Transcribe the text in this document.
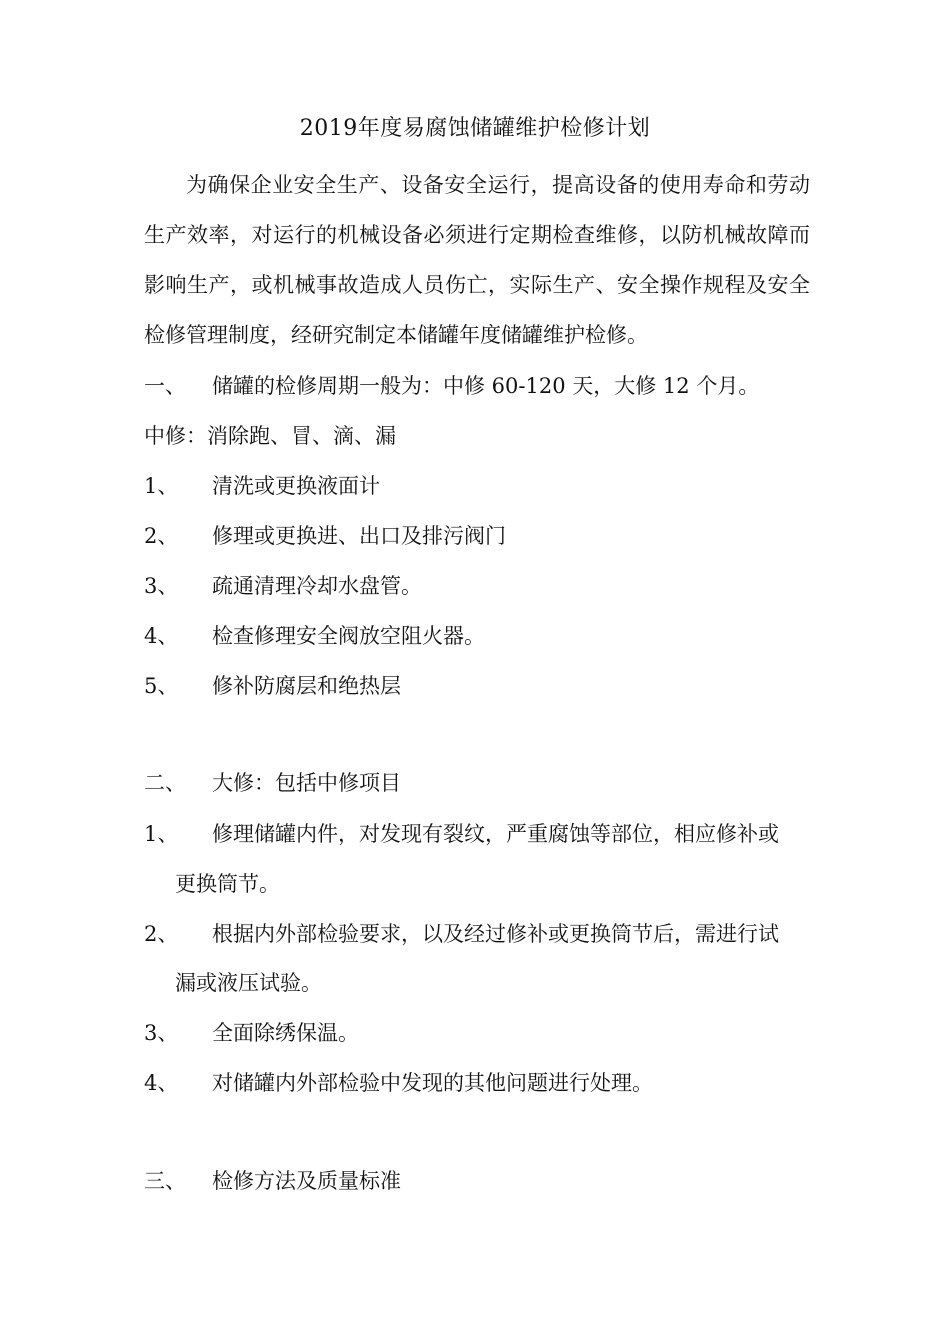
2019年度易腐蚀储罐维护检修计划
为确保企业安全生产、设备安全运行，提高设备的使用寿命和劳动生产效率，对运行的机械设备必须进行定期检查维修，以防机械故障而影响生产，或机械事故造成人员伤亡，实际生产、安全操作规程及安全检修管理制度，经研究制定本储罐年度储罐维护检修。
一、 储罐的检修周期一般为：中修 60-120 天，大修 12 个月。
中修：消除跑、冒、滴、漏
1、 清洗或更换液面计
2、 修理或更换进、出口及排污阀门
3、 疏通清理冷却水盘管。
4、 检查修理安全阀放空阻火器。
5、 修补防腐层和绝热层
二、 大修：包括中修项目
1、 修理储罐内件，对发现有裂纹，严重腐蚀等部位，相应修补或
更换筒节。
2、 根据内外部检验要求，以及经过修补或更换筒节后，需进行试
漏或液压试验。
3、 全面除绣保温。
4、 对储罐内外部检验中发现的其他问题进行处理。
三、 检修方法及质量标准
